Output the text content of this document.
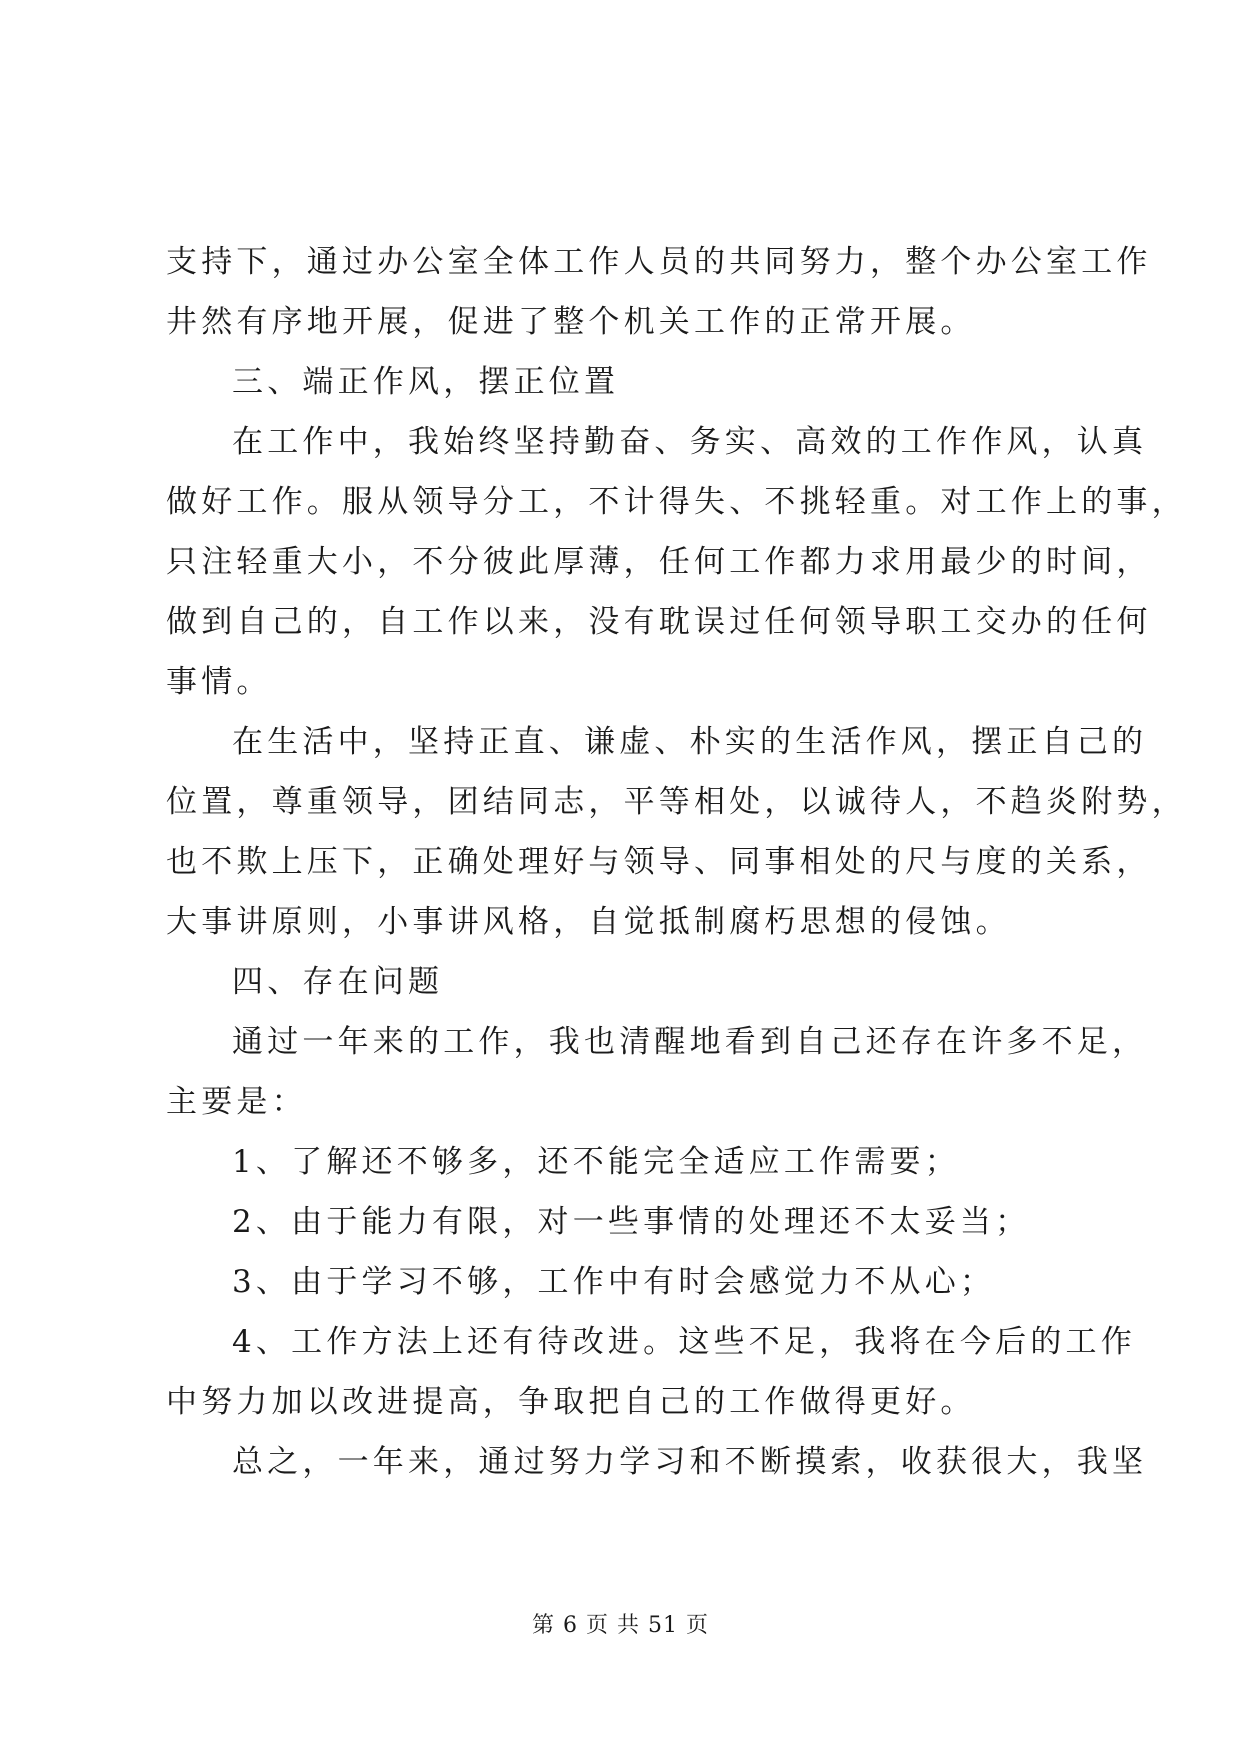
支持下，通过办公室全体工作人员的共同努力，整个办公室工作
井然有序地开展，促进了整个机关工作的正常开展。
三、端正作风，摆正位置
在工作中，我始终坚持勤奋、务实、高效的工作作风，认真
做好工作。服从领导分工，不计得失、不挑轻重。对工作上的事，
只注轻重大小，不分彼此厚薄，任何工作都力求用最少的时间，
做到自己的，自工作以来，没有耽误过任何领导职工交办的任何
事情。
在生活中，坚持正直、谦虚、朴实的生活作风，摆正自己的
位置，尊重领导，团结同志，平等相处，以诚待人，不趋炎附势，
也不欺上压下，正确处理好与领导、同事相处的尺与度的关系，
大事讲原则，小事讲风格，自觉抵制腐朽思想的侵蚀。
四、存在问题
通过一年来的工作，我也清醒地看到自己还存在许多不足，
主要是：
1、了解还不够多，还不能完全适应工作需要；
2、由于能力有限，对一些事情的处理还不太妥当；
3、由于学习不够，工作中有时会感觉力不从心；
4、工作方法上还有待改进。这些不足，我将在今后的工作
中努力加以改进提高，争取把自己的工作做得更好。
总之，一年来，通过努力学习和不断摸索，收获很大，我坚
第 6 页 共 51 页
